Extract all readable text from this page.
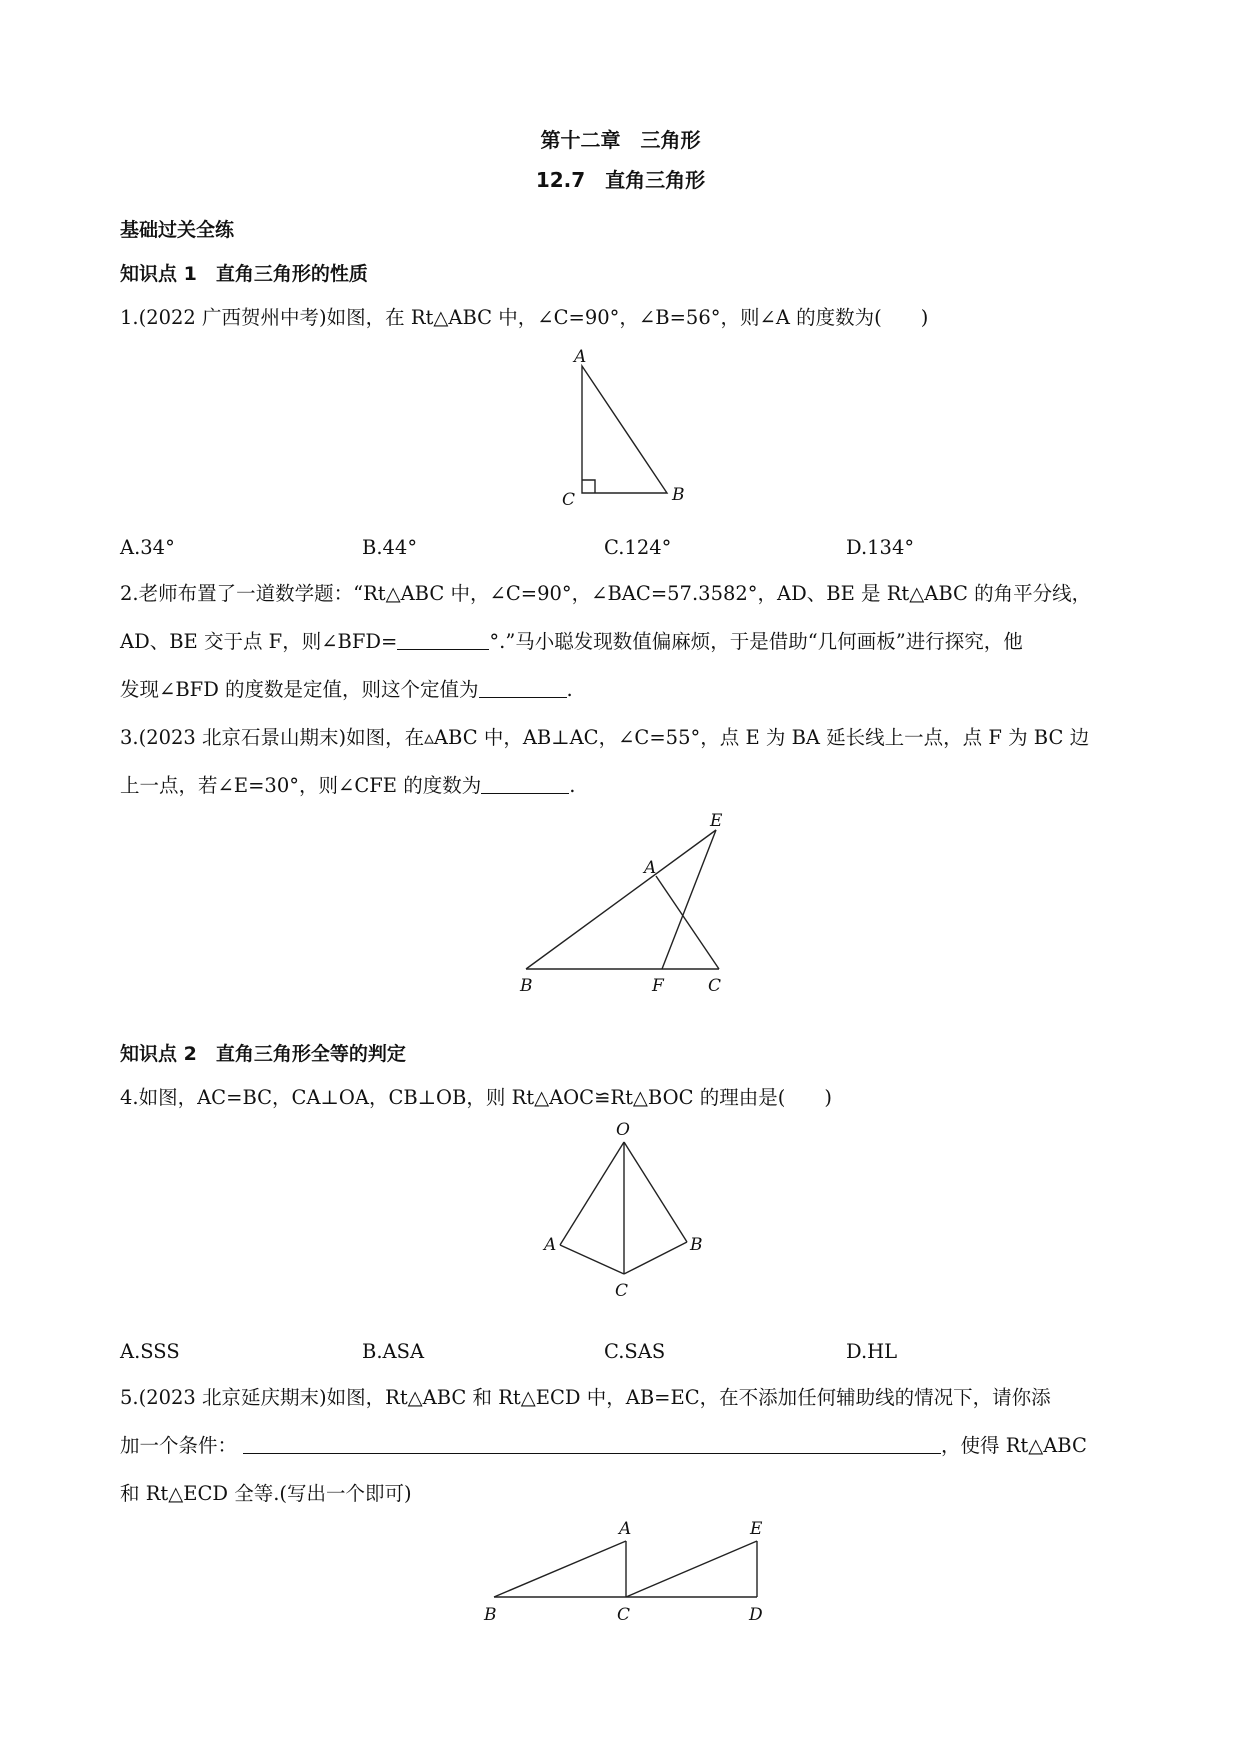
第十二章　三角形
12.7　直角三角形
基础过关全练
知识点 1　直角三角形的性质
1.(2022 广西贺州中考)如图，在 Rt△ABC 中，∠C=90°，∠B=56°，则∠A 的度数为(　　)
A
C	B
A.34°	B.44°	C.124°	D.134°
2.老师布置了一道数学题：“Rt△ABC 中，∠C=90°，∠BAC=57.3582°，AD、BE 是 Rt△ABC 的角平分线，
AD、BE 交于点 F，则∠BFD=	°.”马小聪发现数值偏麻烦，于是借助“几何画板”进行探究，他
发现∠BFD 的度数是定值，则这个定值为	.
3.(2023 北京石景山期末)如图，在▵ABC 中，AB⊥AC，∠C=55°，点 E 为 BA 延长线上一点，点 F 为 BC 边
上一点，若∠E=30°，则∠CFE 的度数为	.
E
A
B	F	C
知识点 2　直角三角形全等的判定
4.如图，AC=BC，CA⊥OA，CB⊥OB，则 Rt△AOC≌Rt△BOC 的理由是(　　)
O
A	B
C
A.SSS	B.ASA	C.SAS	D.HL
5.(2023 北京延庆期末)如图，Rt△ABC 和 Rt△ECD 中，AB=EC，在不添加任何辅助线的情况下，请你添
加一个条件：	，使得 Rt△ABC
和 Rt△ECD 全等.(写出一个即可)
A	E
B	C	D
